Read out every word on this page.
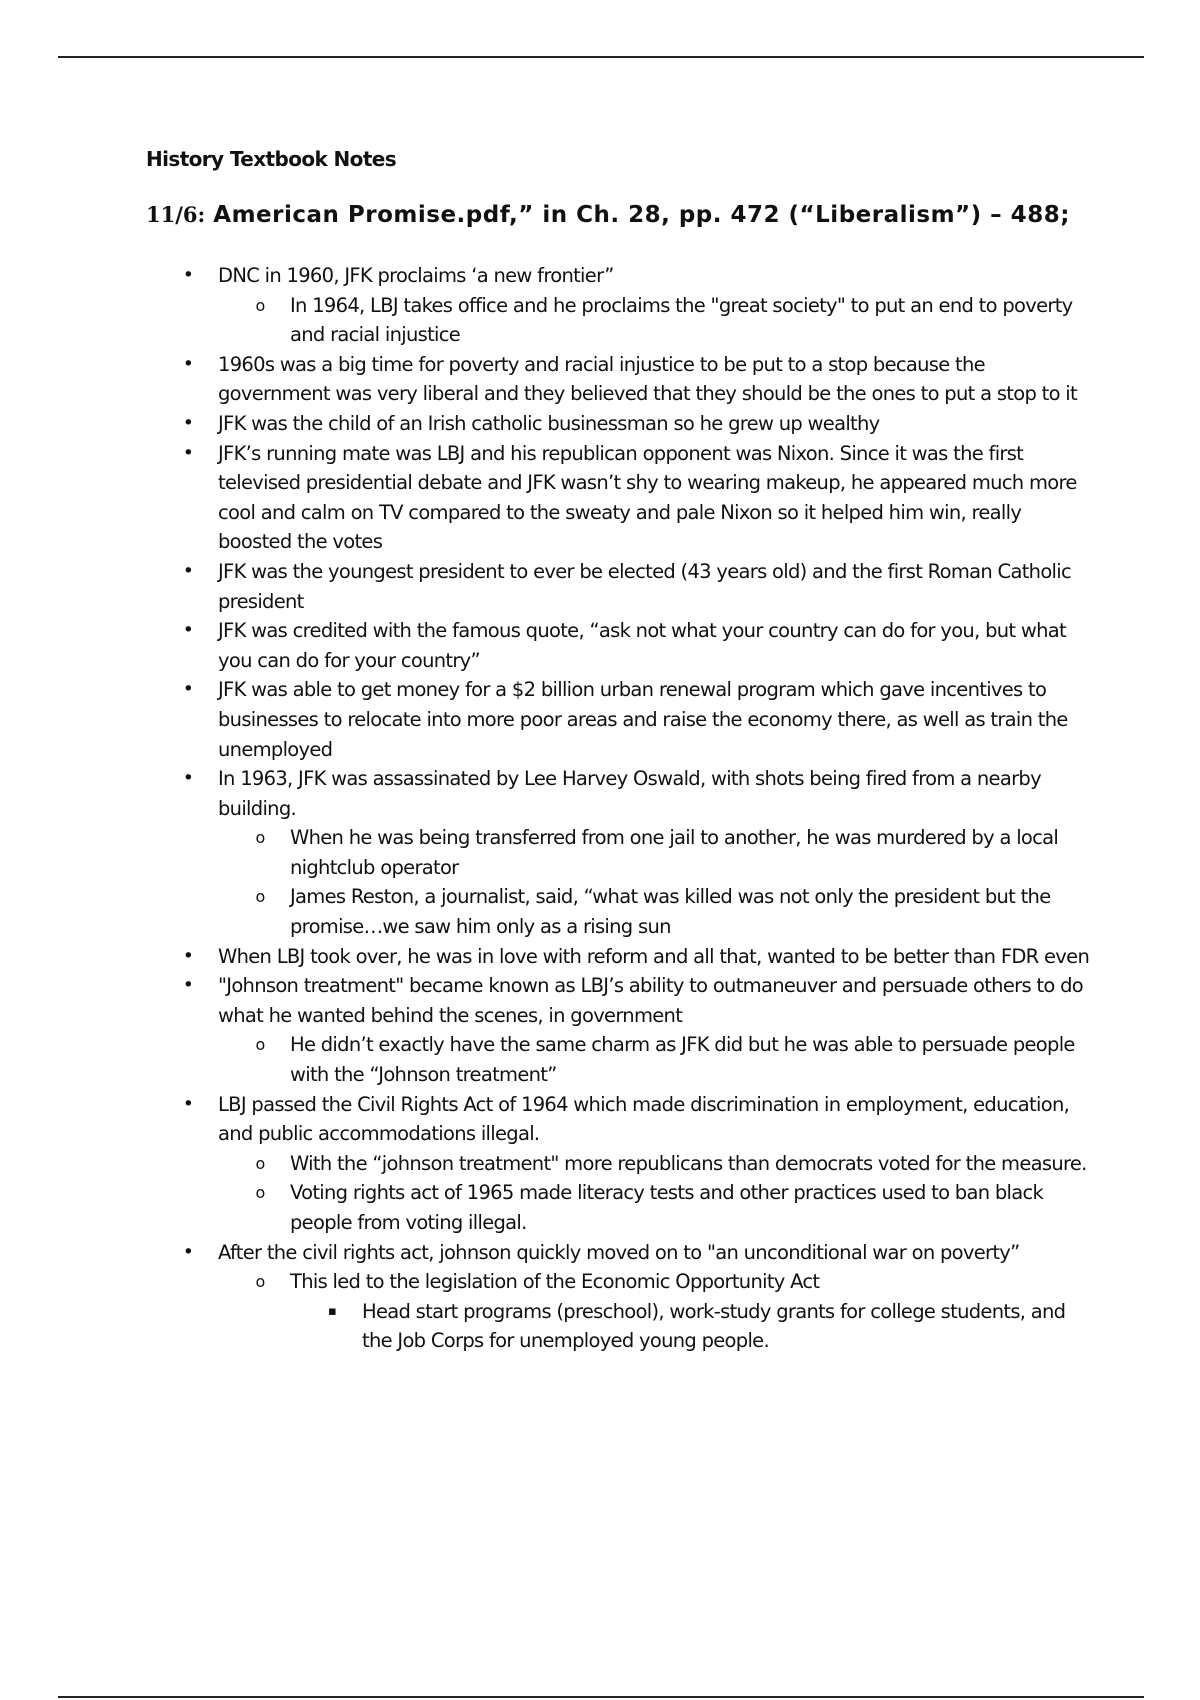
History Textbook Notes
11/6: American Promise.pdf,” in Ch. 28, pp. 472 (“Liberalism”) – 488;
• DNC in 1960, JFK proclaims ‘a new frontier”
o In 1964, LBJ takes office and he proclaims the "great society" to put an end to poverty and racial injustice
• 1960s was a big time for poverty and racial injustice to be put to a stop because the government was very liberal and they believed that they should be the ones to put a stop to it
• JFK was the child of an Irish catholic businessman so he grew up wealthy
• JFK’s running mate was LBJ and his republican opponent was Nixon. Since it was the first televised presidential debate and JFK wasn’t shy to wearing makeup, he appeared much more cool and calm on TV compared to the sweaty and pale Nixon so it helped him win, really boosted the votes
• JFK was the youngest president to ever be elected (43 years old) and the first Roman Catholic president
• JFK was credited with the famous quote, “ask not what your country can do for you, but what you can do for your country”
• JFK was able to get money for a $2 billion urban renewal program which gave incentives to businesses to relocate into more poor areas and raise the economy there, as well as train the unemployed
• In 1963, JFK was assassinated by Lee Harvey Oswald, with shots being fired from a nearby building.
o When he was being transferred from one jail to another, he was murdered by a local nightclub operator
o James Reston, a journalist, said, “what was killed was not only the president but the promise…we saw him only as a rising sun
• When LBJ took over, he was in love with reform and all that, wanted to be better than FDR even
• "Johnson treatment" became known as LBJ’s ability to outmaneuver and persuade others to do what he wanted behind the scenes, in government
o He didn’t exactly have the same charm as JFK did but he was able to persuade people with the “Johnson treatment”
• LBJ passed the Civil Rights Act of 1964 which made discrimination in employment, education, and public accommodations illegal.
o With the “johnson treatment" more republicans than democrats voted for the measure.
o Voting rights act of 1965 made literacy tests and other practices used to ban black people from voting illegal.
• After the civil rights act, johnson quickly moved on to "an unconditional war on poverty”
o This led to the legislation of the Economic Opportunity Act
▪	Head start programs (preschool), work-study grants for college students, and the Job Corps for unemployed young people.
